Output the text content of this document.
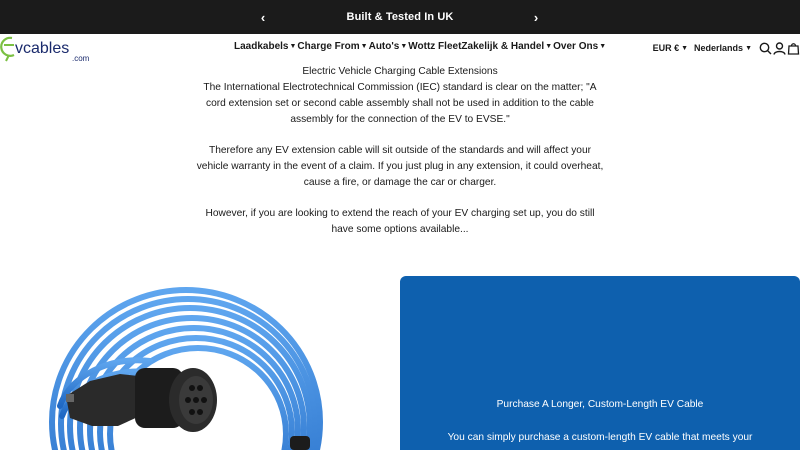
‹	Built & Tested In UK	›
vcables
.com
Laadkabels ▼ Charge From ▼ Auto's ▼ Wottz Fleet Zakelijk & Handel ▼ Over Ons ▼	EUR € ▼ Nederlands ▼

Electric Vehicle Charging Cable Extensions

The International Electrotechnical Commission (IEC) standard is clear on the matter; "A cord extension set or second cable assembly shall not be used in addition to the cable assembly for the connection of the EV to EVSE."

Therefore any EV extension cable will sit outside of the standards and will affect your vehicle warranty in the event of a claim. If you just plug in any extension, it could overheat, cause a fire, or damage the car or charger.

However, if you are looking to extend the reach of your EV charging set up, you do still have some options available...

Purchase A Longer, Custom-Length EV Cable
You can simply purchase a custom-length EV cable that meets your
